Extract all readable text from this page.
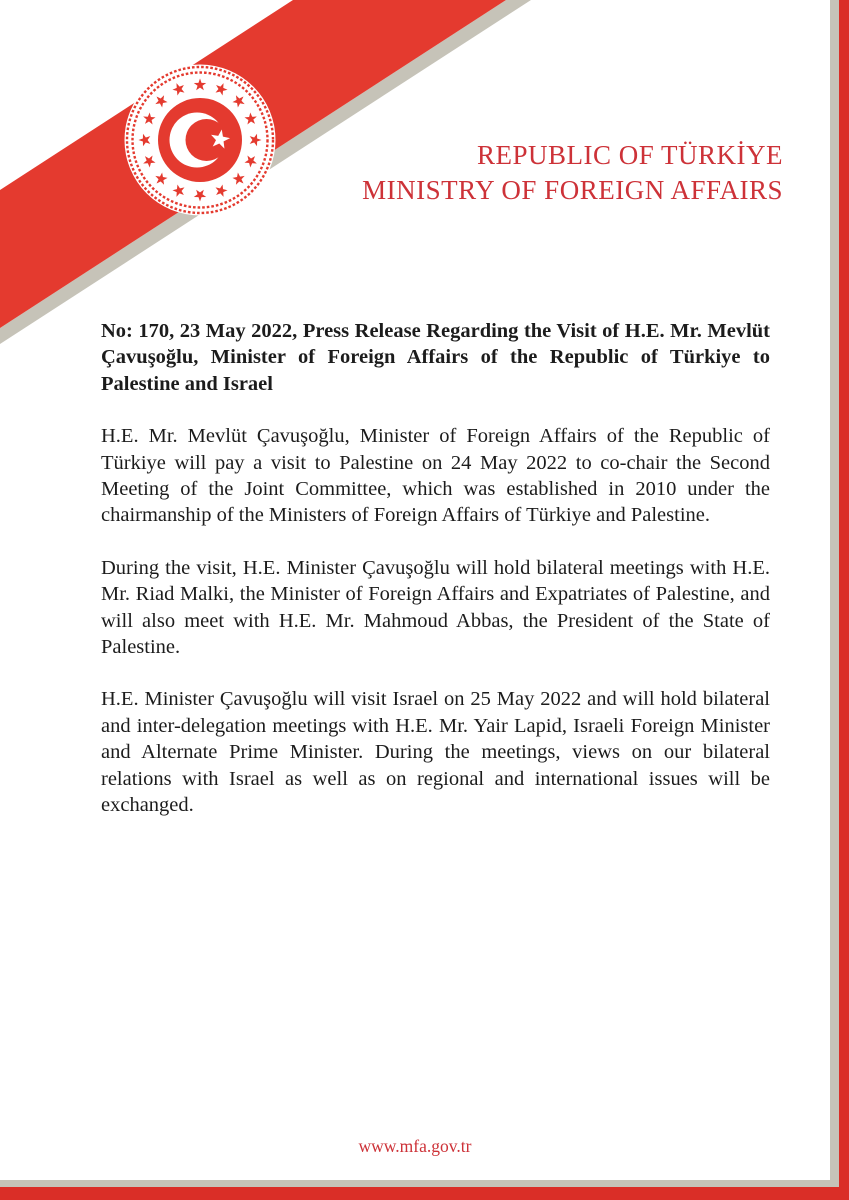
REPUBLIC OF TÜRKİYE
MINISTRY OF FOREIGN AFFAIRS

No: 170, 23 May 2022, Press Release Regarding the Visit of H.E. Mr. Mevlüt Çavuşoğlu, Minister of Foreign Affairs of the Republic of Türkiye to Palestine and Israel

H.E. Mr. Mevlüt Çavuşoğlu, Minister of Foreign Affairs of the Republic of Türkiye will pay a visit to Palestine on 24 May 2022 to co-chair the Second Meeting of the Joint Committee, which was established in 2010 under the chairmanship of the Ministers of Foreign Affairs of Türkiye and Palestine.

During the visit, H.E. Minister Çavuşoğlu will hold bilateral meetings with H.E. Mr. Riad Malki, the Minister of Foreign Affairs and Expatriates of Palestine, and will also meet with H.E. Mr. Mahmoud Abbas, the President of the State of Palestine.

H.E. Minister Çavuşoğlu will visit Israel on 25 May 2022 and will hold bilateral and inter-delegation meetings with H.E. Mr. Yair Lapid, Israeli Foreign Minister and Alternate Prime Minister. During the meetings, views on our bilateral relations with Israel as well as on regional and international issues will be exchanged.

www.mfa.gov.tr
